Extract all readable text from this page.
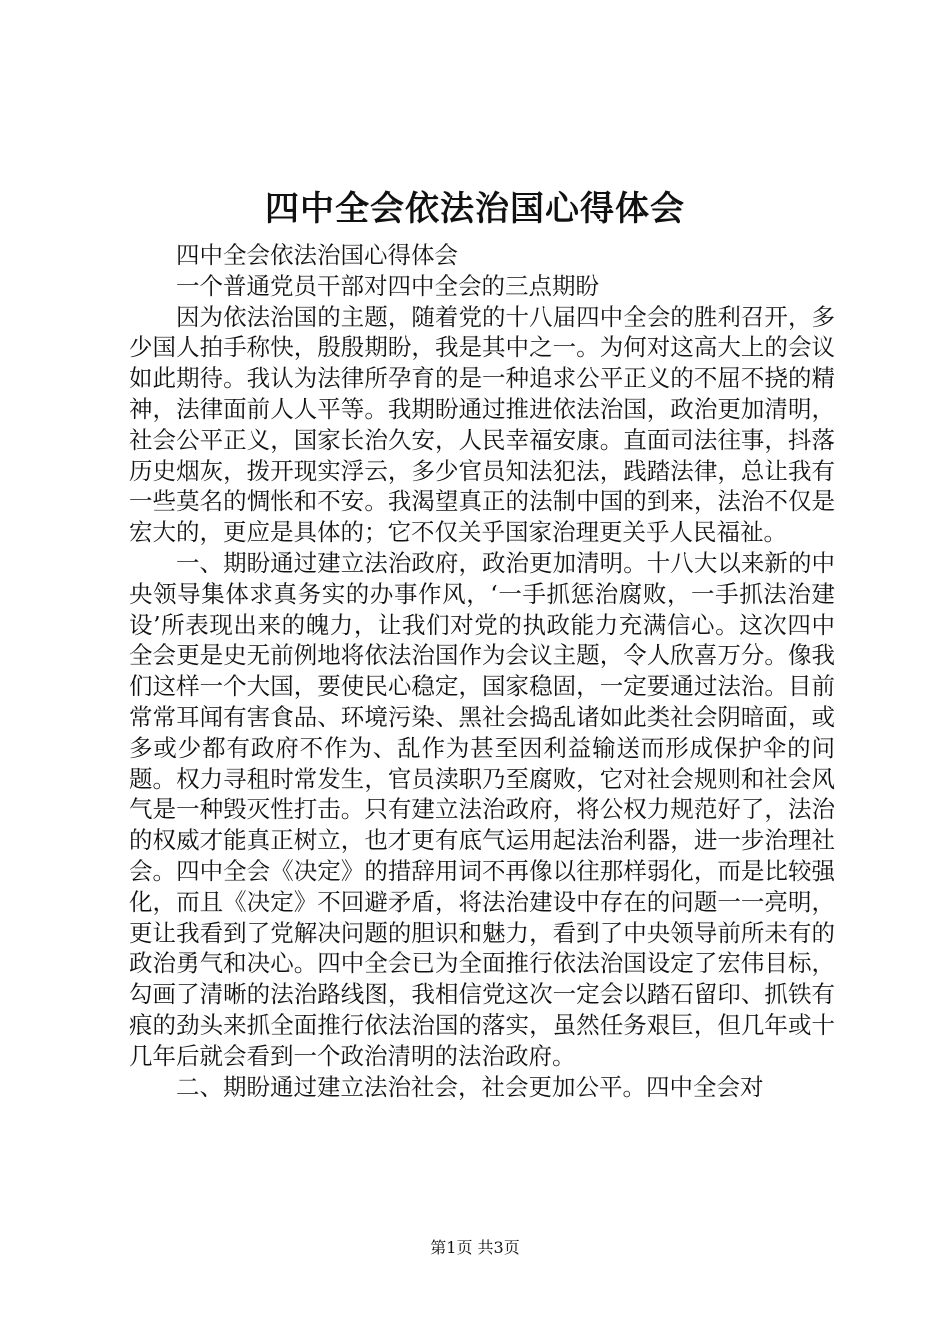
四中全会依法治国心得体会

四中全会依法治国心得体会

一个普通党员干部对四中全会的三点期盼

因为依法治国的主题，随着党的十八届四中全会的胜利召开，多少国人拍手称快，殷殷期盼，我是其中之一。为何对这高大上的会议如此期待。我认为法律所孕育的是一种追求公平正义的不屈不挠的精神，法律面前人人平等。我期盼通过推进依法治国，政治更加清明，社会公平正义，国家长治久安，人民幸福安康。直面司法往事，抖落历史烟灰，拨开现实浮云，多少官员知法犯法，践踏法律，总让我有一些莫名的惆怅和不安。我渴望真正的法制中国的到来，法治不仅是宏大的，更应是具体的；它不仅关乎国家治理更关乎人民福祉。

一、期盼通过建立法治政府，政治更加清明。十八大以来新的中央领导集体求真务实的办事作风，‘一手抓惩治腐败，一手抓法治建设’所表现出来的魄力，让我们对党的执政能力充满信心。这次四中全会更是史无前例地将依法治国作为会议主题，令人欣喜万分。像我们这样一个大国，要使民心稳定，国家稳固，一定要通过法治。目前常常耳闻有害食品、环境污染、黑社会捣乱诸如此类社会阴暗面，或多或少都有政府不作为、乱作为甚至因利益输送而形成保护伞的问题。权力寻租时常发生，官员渎职乃至腐败，它对社会规则和社会风气是一种毁灭性打击。只有建立法治政府，将公权力规范好了，法治的权威才能真正树立，也才更有底气运用起法治利器，进一步治理社会。四中全会《决定》的措辞用词不再像以往那样弱化，而是比较强化，而且《决定》不回避矛盾，将法治建设中存在的问题一一亮明，更让我看到了党解决问题的胆识和魅力，看到了中央领导前所未有的政治勇气和决心。四中全会已为全面推行依法治国设定了宏伟目标，勾画了清晰的法治路线图，我相信党这次一定会以踏石留印、抓铁有痕的劲头来抓全面推行依法治国的落实，虽然任务艰巨，但几年或十几年后就会看到一个政治清明的法治政府。

二、期盼通过建立法治社会，社会更加公平。四中全会对

第1页 共3页
